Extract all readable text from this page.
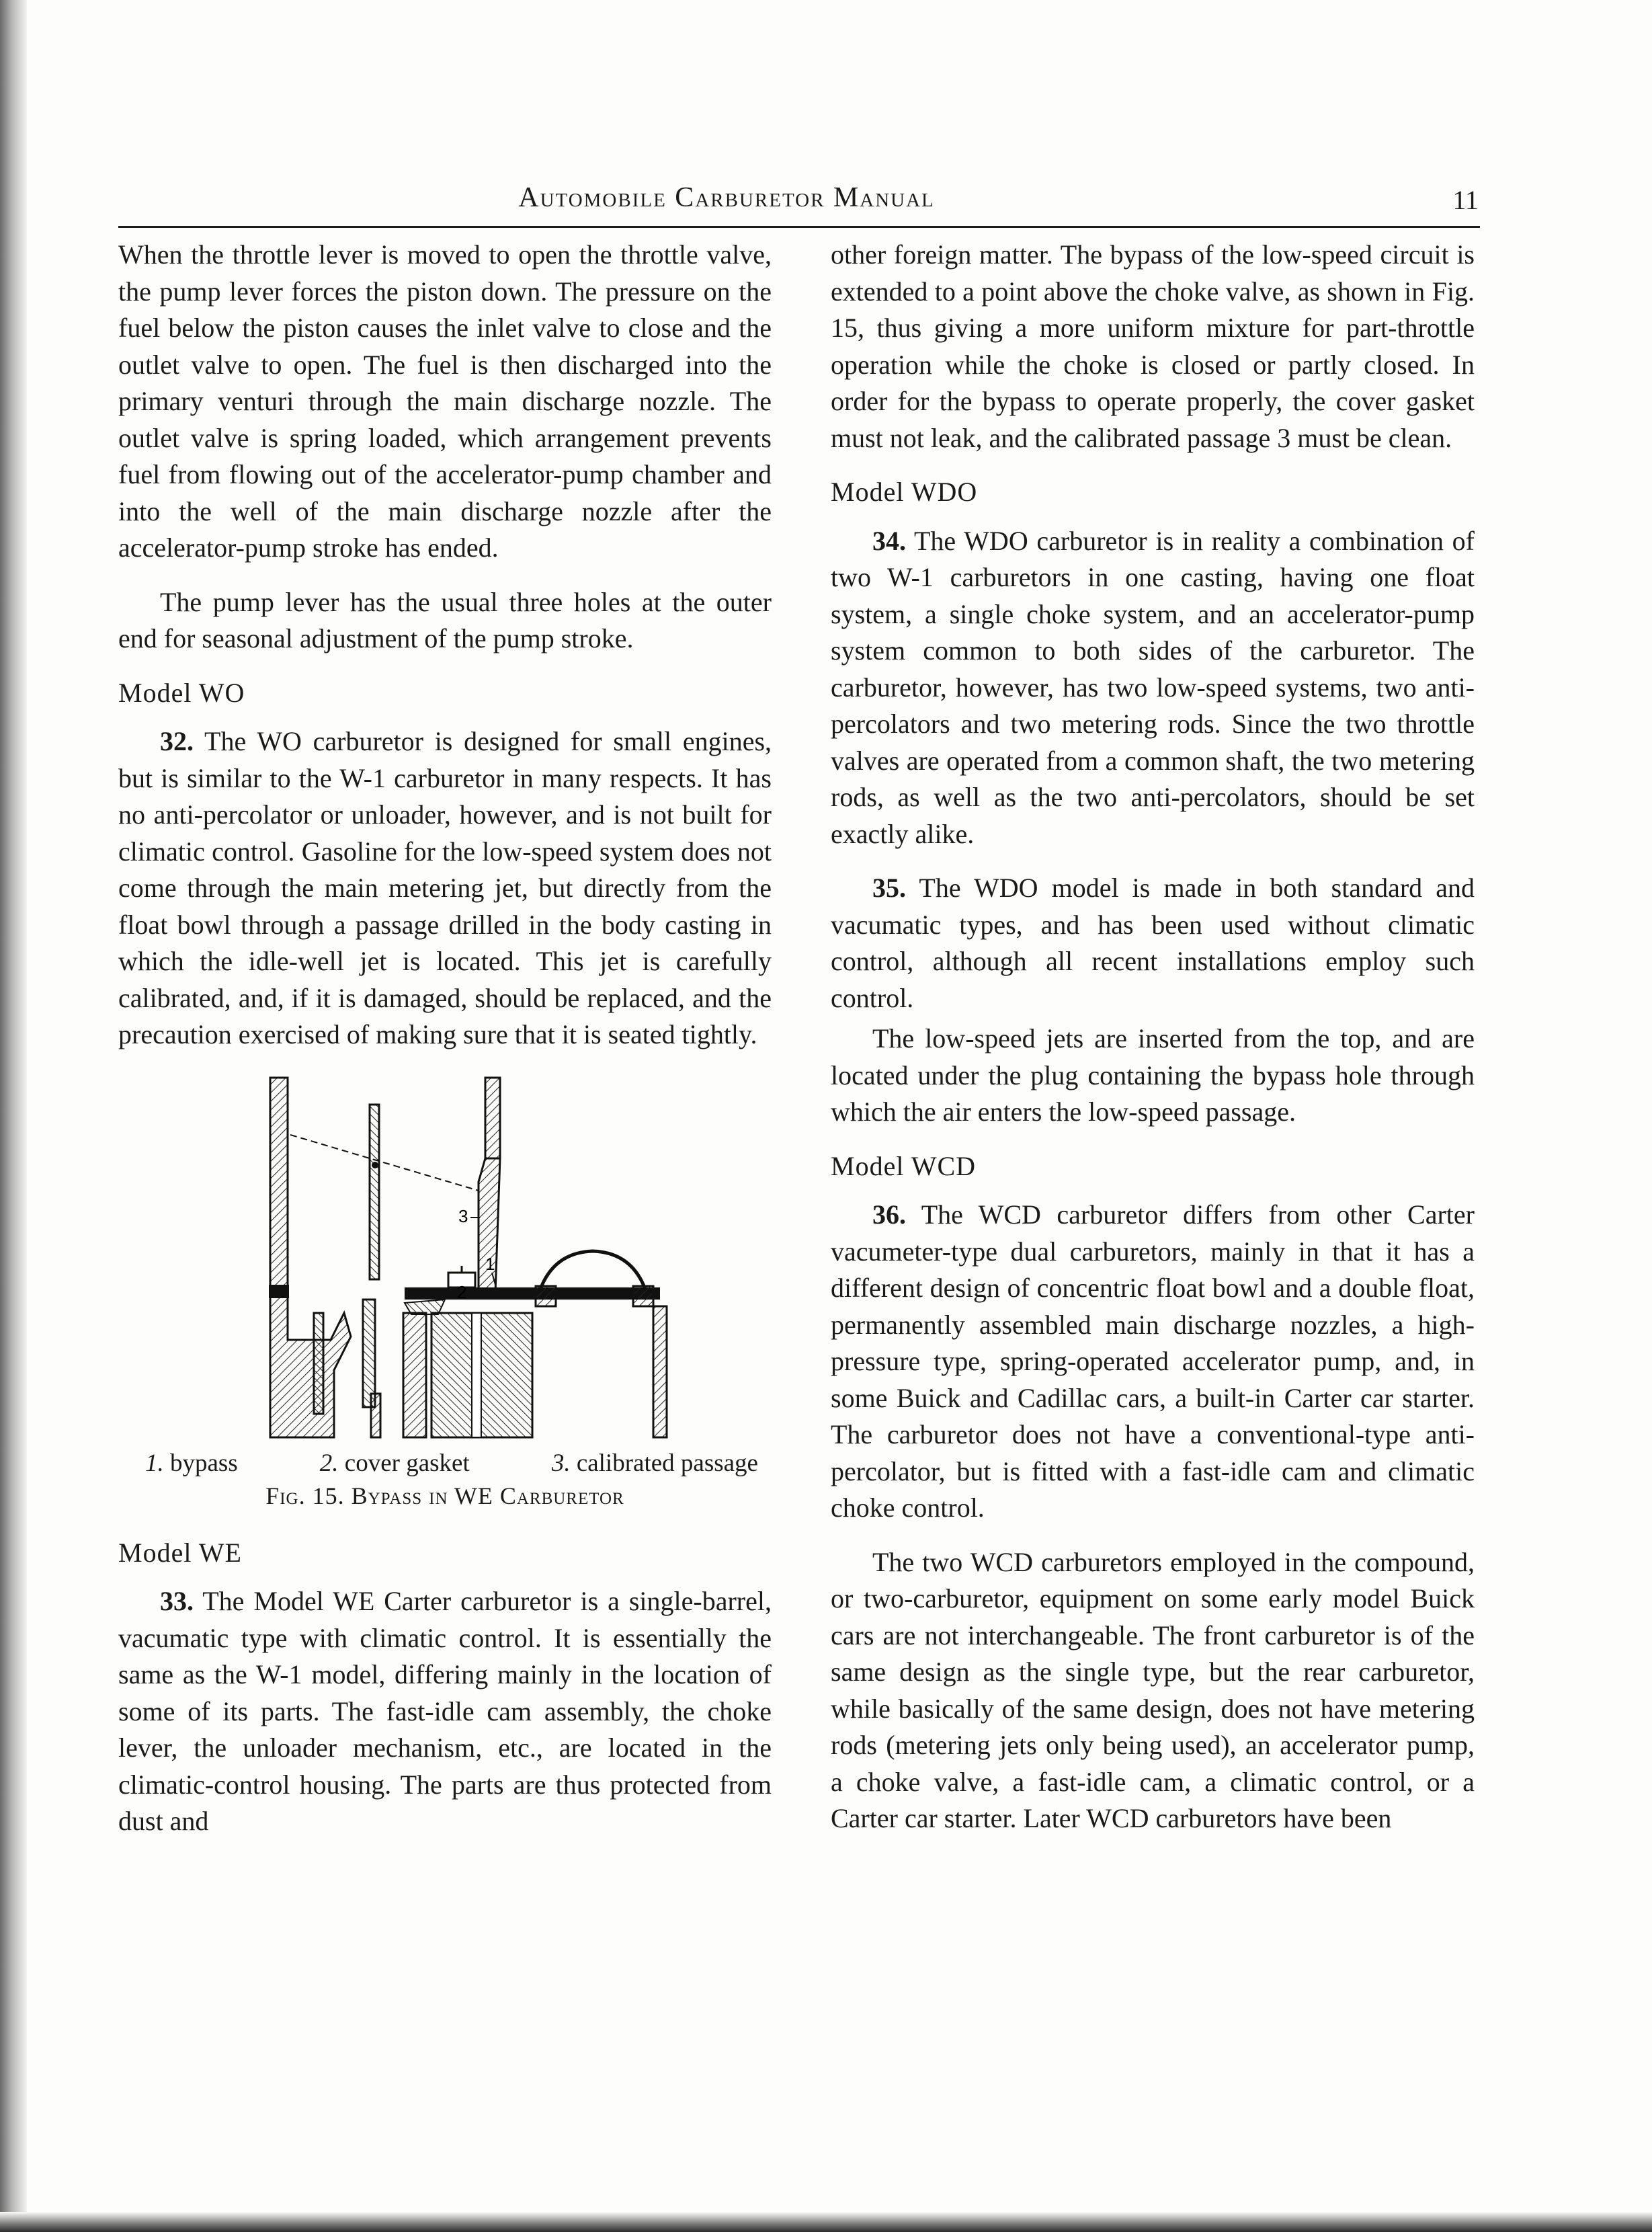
Automobile Carburetor Manual	11

When the throttle lever is moved to open the throttle valve, the pump lever forces the piston down. The pressure on the fuel below the piston causes the inlet valve to close and the outlet valve to open. The fuel is then discharged into the primary venturi through the main discharge nozzle. The outlet valve is spring loaded, which arrangement prevents fuel from flowing out of the accelerator-pump chamber and into the well of the main discharge nozzle after the accelerator-pump stroke has ended.

The pump lever has the usual three holes at the outer end for seasonal adjustment of the pump stroke.

Model WO

32. The WO carburetor is designed for small engines, but is similar to the W-1 carburetor in many respects. It has no anti-percolator or unloader, however, and is not built for climatic control. Gasoline for the low-speed system does not come through the main metering jet, but directly from the float bowl through a passage drilled in the body casting in which the idle-well jet is located. This jet is carefully calibrated, and, if it is damaged, should be replaced, and the precaution exercised of making sure that it is seated tightly.

3
2
1
1. bypass	2. cover gasket	3. calibrated passage
Fig. 15. Bypass in WE Carburetor
Model WE

33. The Model WE Carter carburetor is a single-barrel, vacumatic type with climatic control. It is essentially the same as the W-1 model, differing mainly in the location of some of its parts. The fast-idle cam assembly, the choke lever, the unloader mechanism, etc., are located in the climatic-control housing. The parts are thus protected from dust and

other foreign matter. The bypass of the low-speed circuit is extended to a point above the choke valve, as shown in Fig. 15, thus giving a more uniform mixture for part-throttle operation while the choke is closed or partly closed. In order for the bypass to operate properly, the cover gasket must not leak, and the calibrated passage 3 must be clean.

Model WDO

34. The WDO carburetor is in reality a combination of two W-1 carburetors in one casting, having one float system, a single choke system, and an accelerator-pump system common to both sides of the carburetor. The carburetor, however, has two low-speed systems, two anti-percolators and two metering rods. Since the two throttle valves are operated from a common shaft, the two metering rods, as well as the two anti-percolators, should be set exactly alike.

35. The WDO model is made in both standard and vacumatic types, and has been used without climatic control, although all recent installations employ such control.

The low-speed jets are inserted from the top, and are located under the plug containing the bypass hole through which the air enters the low-speed passage.

Model WCD

36. The WCD carburetor differs from other Carter vacumeter-type dual carburetors, mainly in that it has a different design of concentric float bowl and a double float, permanently assembled main discharge nozzles, a high-pressure type, spring-operated accelerator pump, and, in some Buick and Cadillac cars, a built-in Carter car starter. The carburetor does not have a conventional-type anti-percolator, but is fitted with a fast-idle cam and climatic choke control.

The two WCD carburetors employed in the compound, or two-carburetor, equipment on some early model Buick cars are not interchangeable. The front carburetor is of the same design as the single type, but the rear carburetor, while basically of the same design, does not have metering rods (metering jets only being used), an accelerator pump, a choke valve, a fast-idle cam, a climatic control, or a Carter car starter. Later WCD carburetors have been
